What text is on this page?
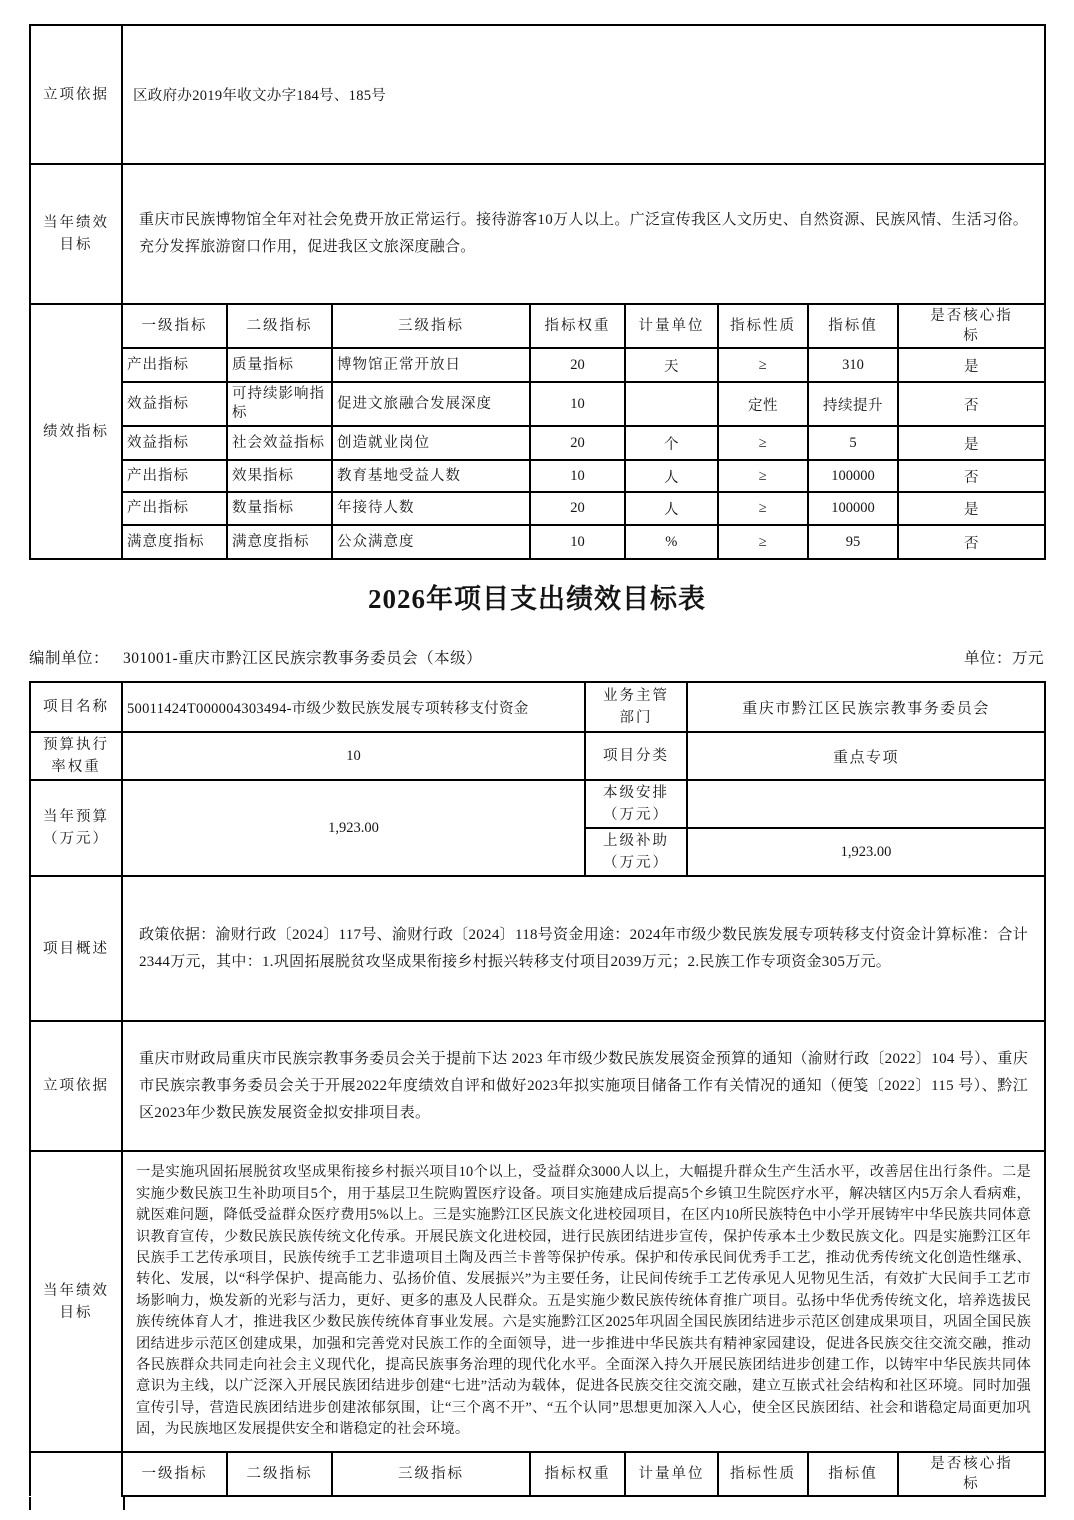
立项依据	区政府办2019年收文办字184号、185号							
当年绩效目标	重庆市民族博物馆全年对社会免费开放正常运行。接待游客10万人以上。广泛宣传我区人文历史、自然资源、民族风情、生活习俗。充分发挥旅游窗口作用，促进我区文旅深度融合。							

绩效指标	一级指标	二级指标	三级指标	指标权重	计量单位	指标性质	指标值	是否核心指标
	产出指标	质量指标	博物馆正常开放日	20	天	≥	310	是
	效益指标	可持续影响指标	促进文旅融合发展深度	10		定性	持续提升	否
	效益指标	社会效益指标	创造就业岗位	20	个	≥	5	是
	产出指标	效果指标	教育基地受益人数	10	人	≥	100000	否
	产出指标	数量指标	年接待人数	20	人	≥	100000	是
	满意度指标	满意度指标	公众满意度	10	%	≥	95	否
2026年项目支出绩效目标表
编制单位： 301001-重庆市黔江区民族宗教事务委员会（本级）	单位：万元
项目名称	50011424T000004303494-市级少数民族发展专项转移支付资金	业务主管部门	重庆市黔江区民族宗教事务委员会
预算执行率权重	10	项目分类	重点专项
当年预算（万元）	1,923.00	本级安排（万元）	
		上级补助（万元）	1,923.00
项目概述	政策依据：渝财行政〔2024〕117号、渝财行政〔2024〕118号资金用途：2024年市级少数民族发展专项转移支付资金计算标准：合计2344万元，其中：1.巩固拓展脱贫攻坚成果衔接乡村振兴转移支付项目2039万元；2.民族工作专项资金305万元。		

立项依据	重庆市财政局重庆市民族宗教事务委员会关于提前下达 2023 年市级少数民族发展资金预算的通知（渝财行政〔2022〕104 号）、重庆市民族宗教事务委员会关于开展2022年度绩效自评和做好2023年拟实施项目储备工作有关情况的通知（便笺〔2022〕115 号）、黔江区2023年少数民族发展资金拟安排项目表。		

当年绩效目标	一是实施巩固拓展脱贫攻坚成果衔接乡村振兴项目10个以上，受益群众3000人以上，大幅提升群众生产生活水平，改善居住出行条件。二是实施少数民族卫生补助项目5个，用于基层卫生院购置医疗设备。项目实施建成后提高5个乡镇卫生院医疗水平，解决辖区内5万余人看病难，就医难问题，降低受益群众医疗费用5%以上。三是实施黔江区民族文化进校园项目，在区内10所民族特色中小学开展铸牢中华民族共同体意识教育宣传，少数民族民族传统文化传承。开展民族文化进校园，进行民族团结进步宣传，保护传承本土少数民族文化。四是实施黔江区年民族手工艺传承项目，民族传统手工艺非遗项目土陶及西兰卡普等保护传承。保护和传承民间优秀手工艺，推动优秀传统文化创造性继承、转化、发展，以“科学保护、提高能力、弘扬价值、发展振兴”为主要任务，让民间传统手工艺传承见人见物见生活，有效扩大民间手工艺市场影响力，焕发新的光彩与活力，更好、更多的惠及人民群众。五是实施少数民族传统体育推广项目。弘扬中华优秀传统文化，培养选拔民族传统体育人才，推进我区少数民族传统体育事业发展。六是实施黔江区2025年巩固全国民族团结进步示范区创建成果项目，巩固全国民族团结进步示范区创建成果，加强和完善党对民族工作的全面领导，进一步推进中华民族共有精神家园建设，促进各民族交往交流交融，推动各民族群众共同走向社会主义现代化，提高民族事务治理的现代化水平。全面深入持久开展民族团结进步创建工作，以铸牢中华民族共同体意识为主线，以广泛深入开展民族团结进步创建“七进”活动为载体，促进各民族交往交流交融，建立互嵌式社会结构和社区环境。同时加强宣传引导，营造民族团结进步创建浓郁氛围，让“三个离不开”、“五个认同”思想更加深入人心，使全区民族团结、社会和谐稳定局面更加巩固，为民族地区发展提供安全和谐稳定的社会环境。		
	一级指标	二级指标	三级指标	指标权重	计量单位	指标性质	指标值	是否核心指标
